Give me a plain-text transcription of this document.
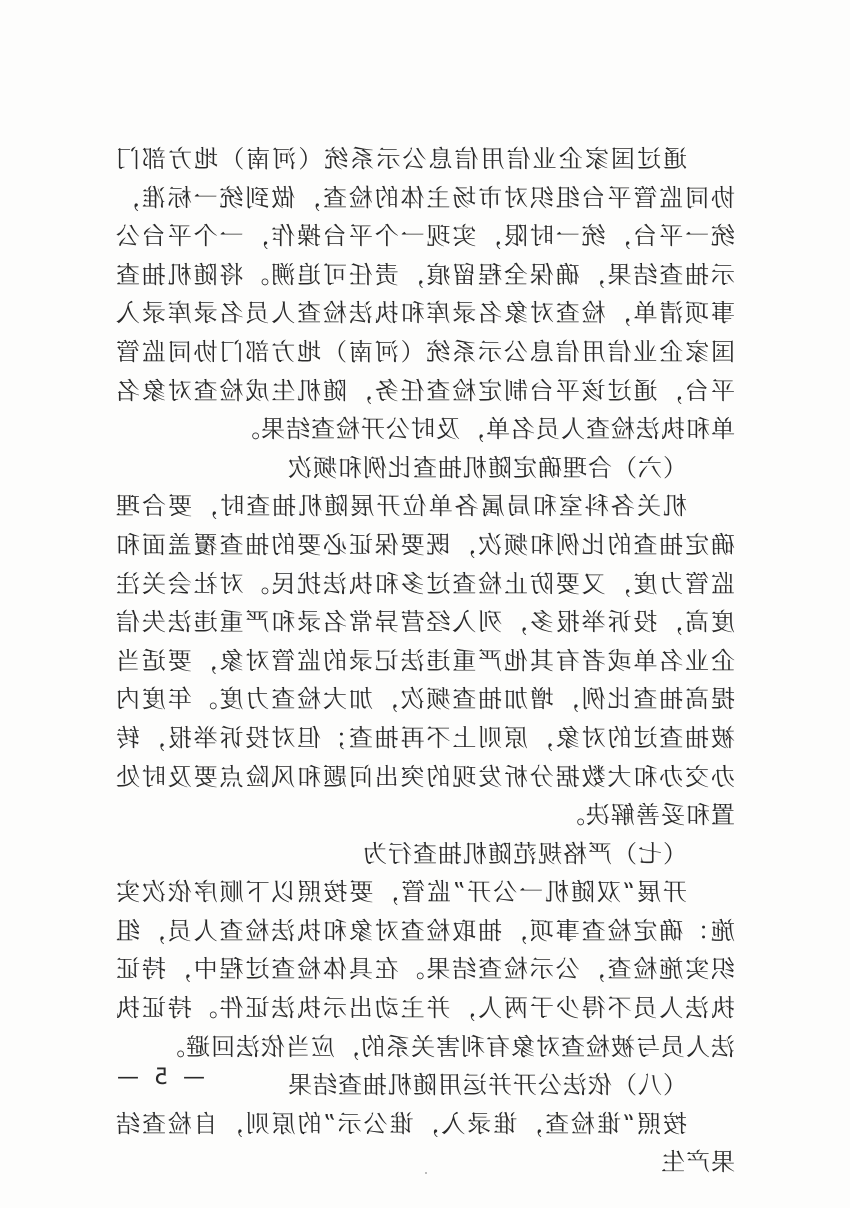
通过国家企业信用信息公示系统（河南）地方部门协同监管平台组织对市场主体的检查，做到统一标准，统一平台，统一时限，实现一个平台操作，一个平台公示抽查结果，确保全程留痕，责任可追溯。将随机抽查事项清单，检查对象名录库和执法检查人员名录库录入国家企业信用信息公示系统（河南）地方部门协同监管平台，通过该平台制定检查任务，随机生成检查对象名单和执法检查人员名单，及时公开检查结果。

（六）合理确定随机抽查比例和频次

机关各科室和局属各单位开展随机抽查时，要合理确定抽查的比例和频次，既要保证必要的抽查覆盖面和监管力度，又要防止检查过多和执法扰民。对社会关注度高，投诉举报多，列入经营异常名录和严重违法失信企业名单或者有其他严重违法记录的监管对象，要适当提高抽查比例，增加抽查频次，加大检查力度。年度内被抽查过的对象，原则上不再抽查；但对投诉举报，转办交办和大数据分析发现的突出问题和风险点要及时处置和妥善解决。

（七）严格规范随机抽查行为

开展“双随机一公开”监管，要按照以下顺序依次实施：确定检查事项，抽取检查对象和执法检查人员，组织实施检查，公示检查结果。在具体检查过程中，持证执法人员不得少于两人，并主动出示执法证件。持证执法人员与被检查对象有利害关系的，应当依法回避。

（八）依法公开并运用随机抽查结果

按照“谁检查，谁录入，谁公示”的原则，自检查结果产生

— 5 —
